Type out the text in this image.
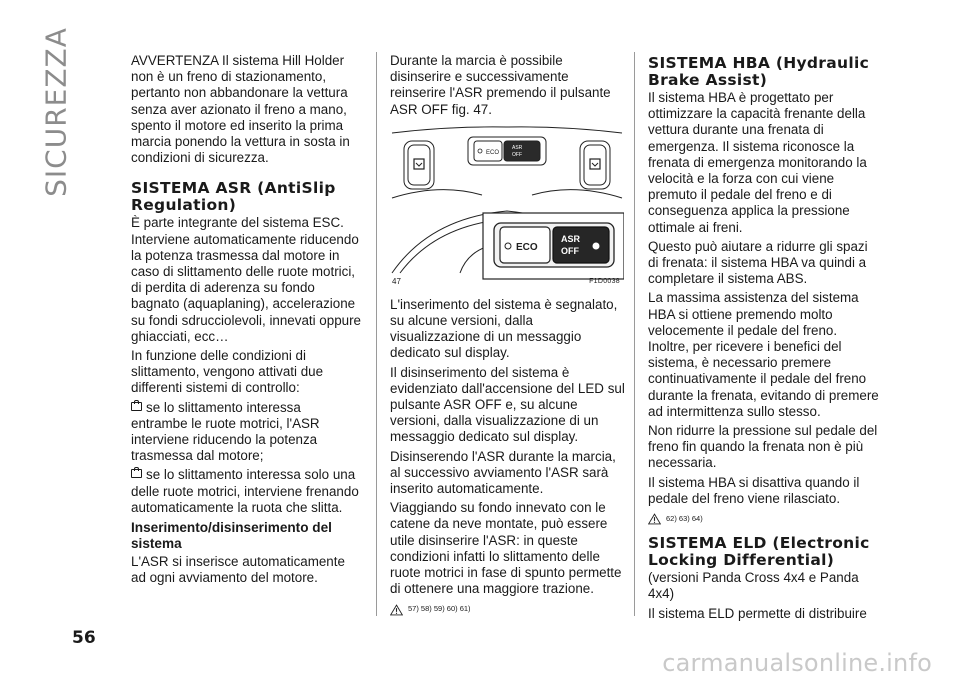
SICUREZZA
56

AVVERTENZA Il sistema Hill Holder non è un freno di stazionamento, pertanto non abbandonare la vettura senza aver azionato il freno a mano, spento il motore ed inserito la prima marcia ponendo la vettura in sosta in condizioni di sicurezza.

SISTEMA ASR (AntiSlip Regulation)

È parte integrante del sistema ESC. Interviene automaticamente riducendo la potenza trasmessa dal motore in caso di slittamento delle ruote motrici, di perdita di aderenza su fondo bagnato (aquaplaning), accelerazione su fondi sdrucciolevoli, innevati oppure ghiacciati, ecc…

In funzione delle condizioni di slittamento, vengono attivati due differenti sistemi di controllo:

se lo slittamento interessa entrambe le ruote motrici, l'ASR interviene riducendo la potenza trasmessa dal motore;

se lo slittamento interessa solo una delle ruote motrici, interviene frenando automaticamente la ruota che slitta.

Inserimento/disinserimento del sistema

L'ASR si inserisce automaticamente ad ogni avviamento del motore.

Durante la marcia è possibile disinserire e successivamente reinserire l'ASR premendo il pulsante ASR OFF fig. 47.

ECO
ASR
OFF
ECO
ASR
OFF
47	F1D0038

L'inserimento del sistema è segnalato, su alcune versioni, dalla visualizzazione di un messaggio dedicato sul display.

Il disinserimento del sistema è evidenziato dall'accensione del LED sul pulsante ASR OFF e, su alcune versioni, dalla visualizzazione di un messaggio dedicato sul display.

Disinserendo l'ASR durante la marcia, al successivo avviamento l'ASR sarà inserito automaticamente.

Viaggiando su fondo innevato con le catene da neve montate, può essere utile disinserire l'ASR: in queste condizioni infatti lo slittamento delle ruote motrici in fase di spunto permette di ottenere una maggiore trazione.

57) 58) 59) 60) 61)
SISTEMA HBA (Hydraulic Brake Assist)

Il sistema HBA è progettato per ottimizzare la capacità frenante della vettura durante una frenata di emergenza. Il sistema riconosce la frenata di emergenza monitorando la velocità e la forza con cui viene premuto il pedale del freno e di conseguenza applica la pressione ottimale ai freni.

Questo può aiutare a ridurre gli spazi di frenata: il sistema HBA va quindi a completare il sistema ABS.

La massima assistenza del sistema HBA si ottiene premendo molto velocemente il pedale del freno. Inoltre, per ricevere i benefici del sistema, è necessario premere continuativamente il pedale del freno durante la frenata, evitando di premere ad intermittenza sullo stesso.

Non ridurre la pressione sul pedale del freno fin quando la frenata non è più necessaria.

Il sistema HBA si disattiva quando il pedale del freno viene rilasciato.

62) 63) 64)
SISTEMA ELD (Electronic Locking Differential)

(versioni Panda Cross 4x4 e Panda 4x4)

Il sistema ELD permette di distribuire

carmanualsonline.info
